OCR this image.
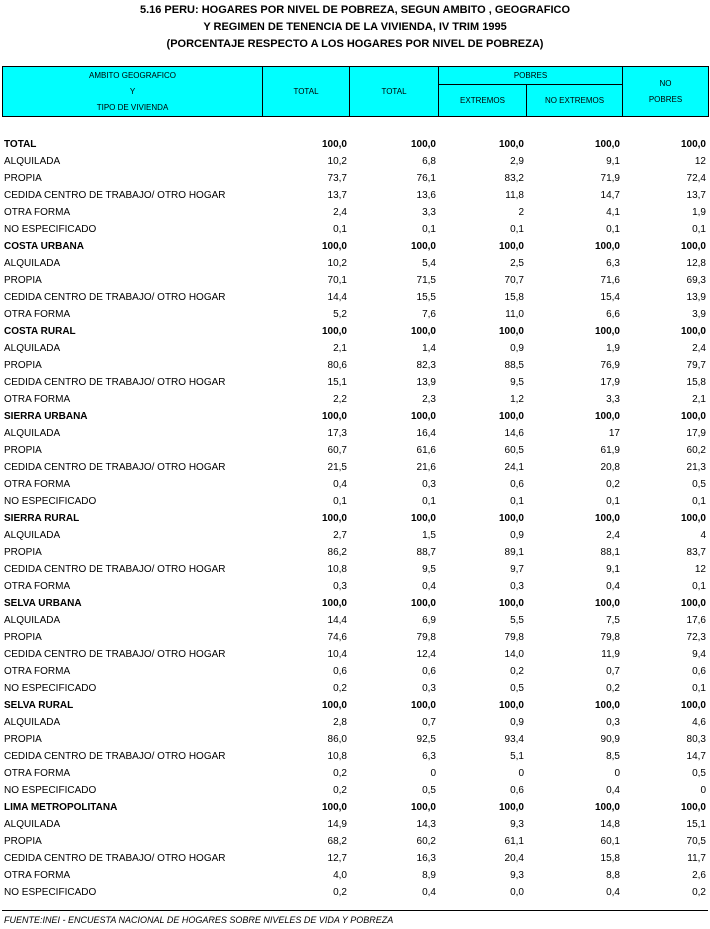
5.16 PERU: HOGARES POR NIVEL DE POBREZA, SEGUN AMBITO , GEOGRAFICO
Y REGIMEN DE TENENCIA DE LA VIVIENDA, IV TRIM 1995
(PORCENTAJE RESPECTO A LOS HOGARES POR NIVEL DE POBREZA)
AMBITO GEOGRAFICO
Y
TIPO DE VIVIENDA	TOTAL	TOTAL	POBRES		NO
POBRES

			EXTREMOS	NO EXTREMOS	
TOTAL	100,0	100,0	100,0	100,0	100,0
ALQUILADA	10,2	6,8	2,9	9,1	12
PROPIA	73,7	76,1	83,2	71,9	72,4
CEDIDA CENTRO DE TRABAJO/ OTRO HOGAR	13,7	13,6	11,8	14,7	13,7
OTRA FORMA	2,4	3,3	2	4,1	1,9
NO ESPECIFICADO	0,1	0,1	0,1	0,1	0,1
COSTA URBANA	100,0	100,0	100,0	100,0	100,0
ALQUILADA	10,2	5,4	2,5	6,3	12,8
PROPIA	70,1	71,5	70,7	71,6	69,3
CEDIDA CENTRO DE TRABAJO/ OTRO HOGAR	14,4	15,5	15,8	15,4	13,9
OTRA FORMA	5,2	7,6	11,0	6,6	3,9
COSTA RURAL	100,0	100,0	100,0	100,0	100,0
ALQUILADA	2,1	1,4	0,9	1,9	2,4
PROPIA	80,6	82,3	88,5	76,9	79,7
CEDIDA CENTRO DE TRABAJO/ OTRO HOGAR	15,1	13,9	9,5	17,9	15,8
OTRA FORMA	2,2	2,3	1,2	3,3	2,1
SIERRA URBANA	100,0	100,0	100,0	100,0	100,0
ALQUILADA	17,3	16,4	14,6	17	17,9
PROPIA	60,7	61,6	60,5	61,9	60,2
CEDIDA CENTRO DE TRABAJO/ OTRO HOGAR	21,5	21,6	24,1	20,8	21,3
OTRA FORMA	0,4	0,3	0,6	0,2	0,5
NO ESPECIFICADO	0,1	0,1	0,1	0,1	0,1
SIERRA RURAL	100,0	100,0	100,0	100,0	100,0
ALQUILADA	2,7	1,5	0,9	2,4	4
PROPIA	86,2	88,7	89,1	88,1	83,7
CEDIDA CENTRO DE TRABAJO/ OTRO HOGAR	10,8	9,5	9,7	9,1	12
OTRA FORMA	0,3	0,4	0,3	0,4	0,1
SELVA URBANA	100,0	100,0	100,0	100,0	100,0
ALQUILADA	14,4	6,9	5,5	7,5	17,6
PROPIA	74,6	79,8	79,8	79,8	72,3
CEDIDA CENTRO DE TRABAJO/ OTRO HOGAR	10,4	12,4	14,0	11,9	9,4
OTRA FORMA	0,6	0,6	0,2	0,7	0,6
NO ESPECIFICADO	0,2	0,3	0,5	0,2	0,1
SELVA RURAL	100,0	100,0	100,0	100,0	100,0
ALQUILADA	2,8	0,7	0,9	0,3	4,6
PROPIA	86,0	92,5	93,4	90,9	80,3
CEDIDA CENTRO DE TRABAJO/ OTRO HOGAR	10,8	6,3	5,1	8,5	14,7
OTRA FORMA	0,2	0	0	0	0,5
NO ESPECIFICADO	0,2	0,5	0,6	0,4	0
LIMA METROPOLITANA	100,0	100,0	100,0	100,0	100,0
ALQUILADA	14,9	14,3	9,3	14,8	15,1
PROPIA	68,2	60,2	61,1	60,1	70,5
CEDIDA CENTRO DE TRABAJO/ OTRO HOGAR	12,7	16,3	20,4	15,8	11,7
OTRA FORMA	4,0	8,9	9,3	8,8	2,6
NO ESPECIFICADO	0,2	0,4	0,0	0,4	0,2
FUENTE:INEI - ENCUESTA NACIONAL DE HOGARES SOBRE NIVELES DE VIDA Y POBREZA
